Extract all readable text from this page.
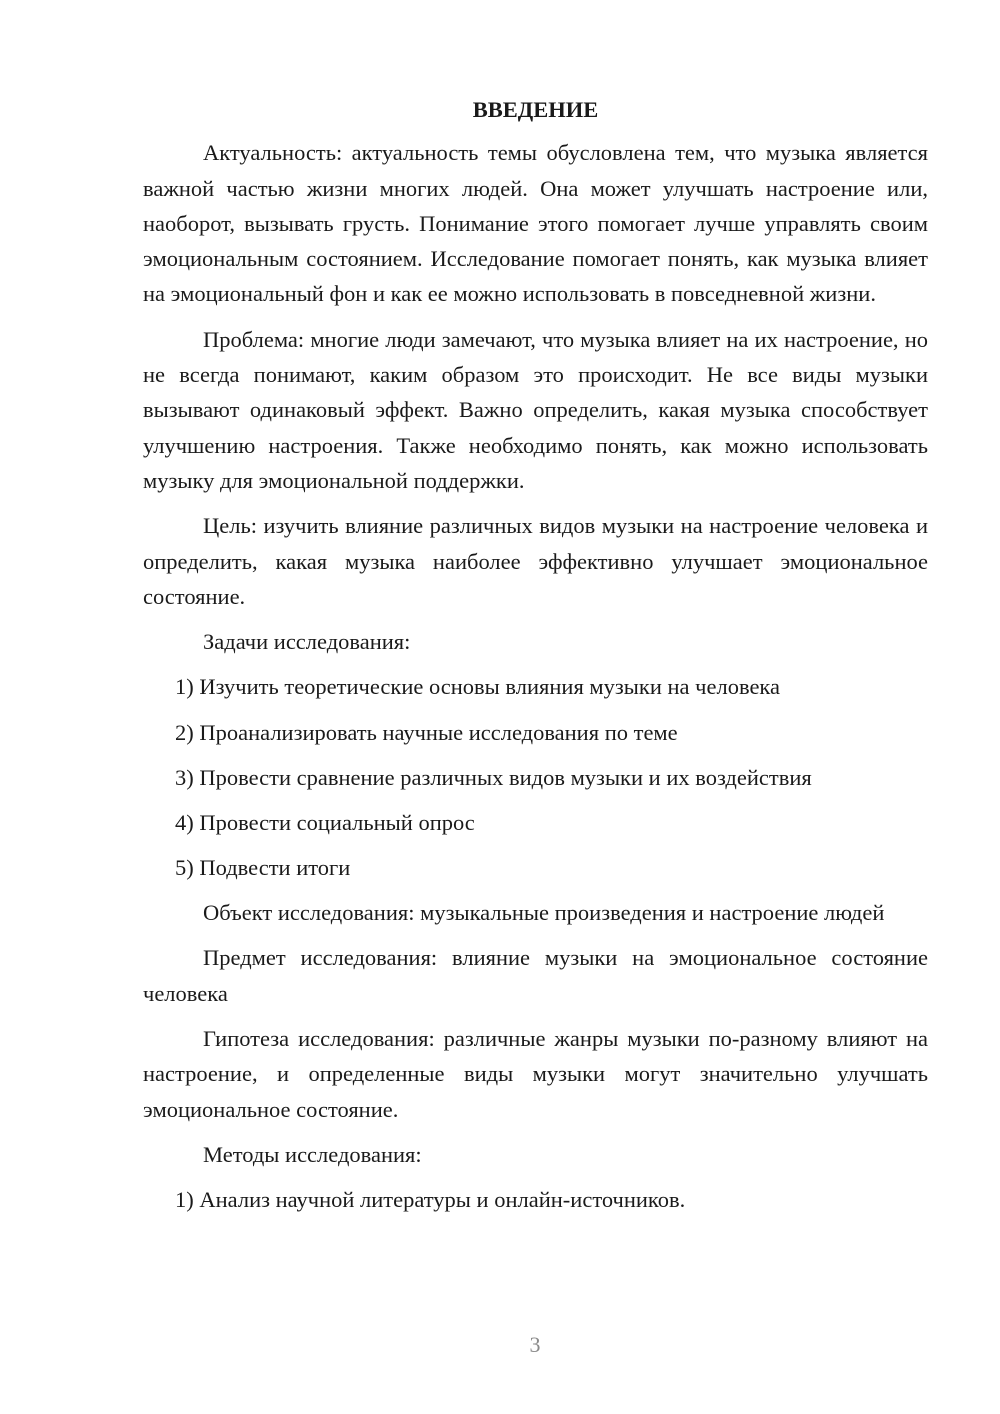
ВВЕДЕНИЕ

Актуальность: актуальность темы обусловлена тем, что музыка является важной частью жизни многих людей. Она может улучшать настроение или, наоборот, вызывать грусть. Понимание этого помогает лучше управлять своим эмоциональным состоянием. Исследование помогает понять, как музыка влияет на эмоциональный фон и как ее можно использовать в повседневной жизни.

Проблема: многие люди замечают, что музыка влияет на их настроение, но не всегда понимают, каким образом это происходит. Не все виды музыки вызывают одинаковый эффект. Важно определить, какая музыка способствует улучшению настроения. Также необходимо понять, как можно использовать музыку для эмоциональной поддержки.

Цель: изучить влияние различных видов музыки на настроение человека и определить, какая музыка наиболее эффективно улучшает эмоциональное состояние.

Задачи исследования:

1) Изучить теоретические основы влияния музыки на человека
2) Проанализировать научные исследования по теме
3) Провести сравнение различных видов музыки и их воздействия
4) Провести социальный опрос
5) Подвести итоги

Объект исследования: музыкальные произведения и настроение людей

Предмет исследования: влияние музыки на эмоциональное состояние человека

Гипотеза исследования: различные жанры музыки по-разному влияют на настроение, и определенные виды музыки могут значительно улучшать эмоциональное состояние.

Методы исследования:

1) Анализ научной литературы и онлайн-источников.
3
